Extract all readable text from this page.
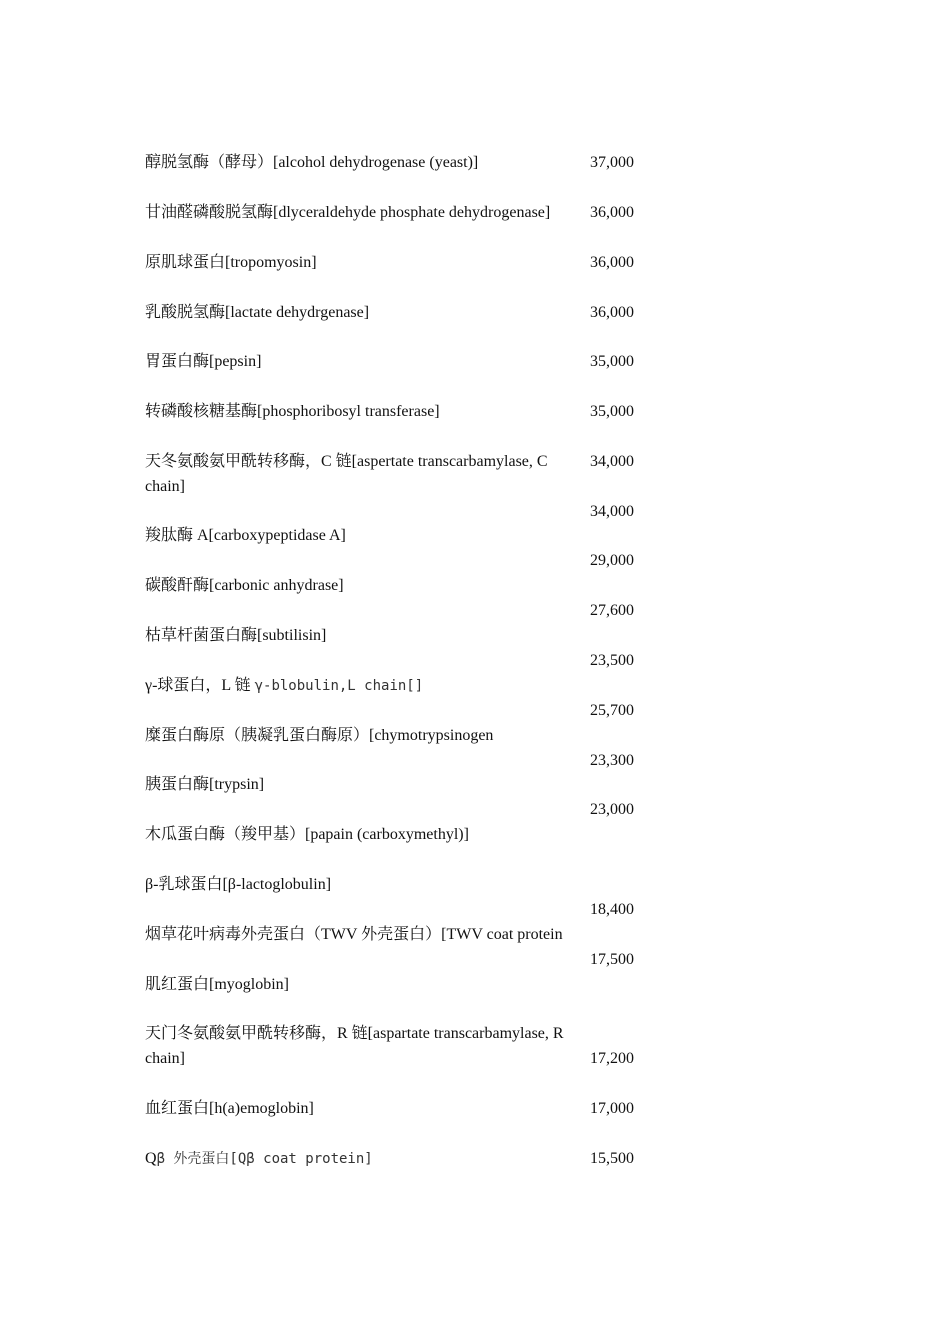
醇脱氢酶（酵母）[alcohol dehydrogenase (yeast)]
甘油醛磷酸脱氢酶[dlyceraldehyde phosphate dehydrogenase]
原肌球蛋白[tropomyosin]
乳酸脱氢酶[lactate dehydrgenase]
胃蛋白酶[pepsin]
转磷酸核糖基酶[phosphoribosyl transferase]
天冬氨酸氨甲酰转移酶，C 链[aspertate transcarbamylase, C chain]
羧肽酶 A[carboxypeptidase A]
碳酸酐酶[carbonic anhydrase]
枯草杆菌蛋白酶[subtilisin]
γ-球蛋白，L 链 γ-blobulin,L chain[]
糜蛋白酶原（胰凝乳蛋白酶原）[chymotrypsinogen
胰蛋白酶[trypsin]
木瓜蛋白酶（羧甲基）[papain (carboxymethyl)]
β-乳球蛋白[β-lactoglobulin]
烟草花叶病毒外壳蛋白（TWV 外壳蛋白）[TWV coat protein
肌红蛋白[myoglobin]
天门冬氨酸氨甲酰转移酶，R 链[aspartate transcarbamylase, R chain]
血红蛋白[h(a)emoglobin]
Qβ 外壳蛋白[Qβ coat protein]
37,000
36,000
36,000
36,000
35,000
35,000
34,000
34,000
29,000
27,600
23,500
25,700
23,300
23,000
18,400
17,500
17,200
17,000
15,500
